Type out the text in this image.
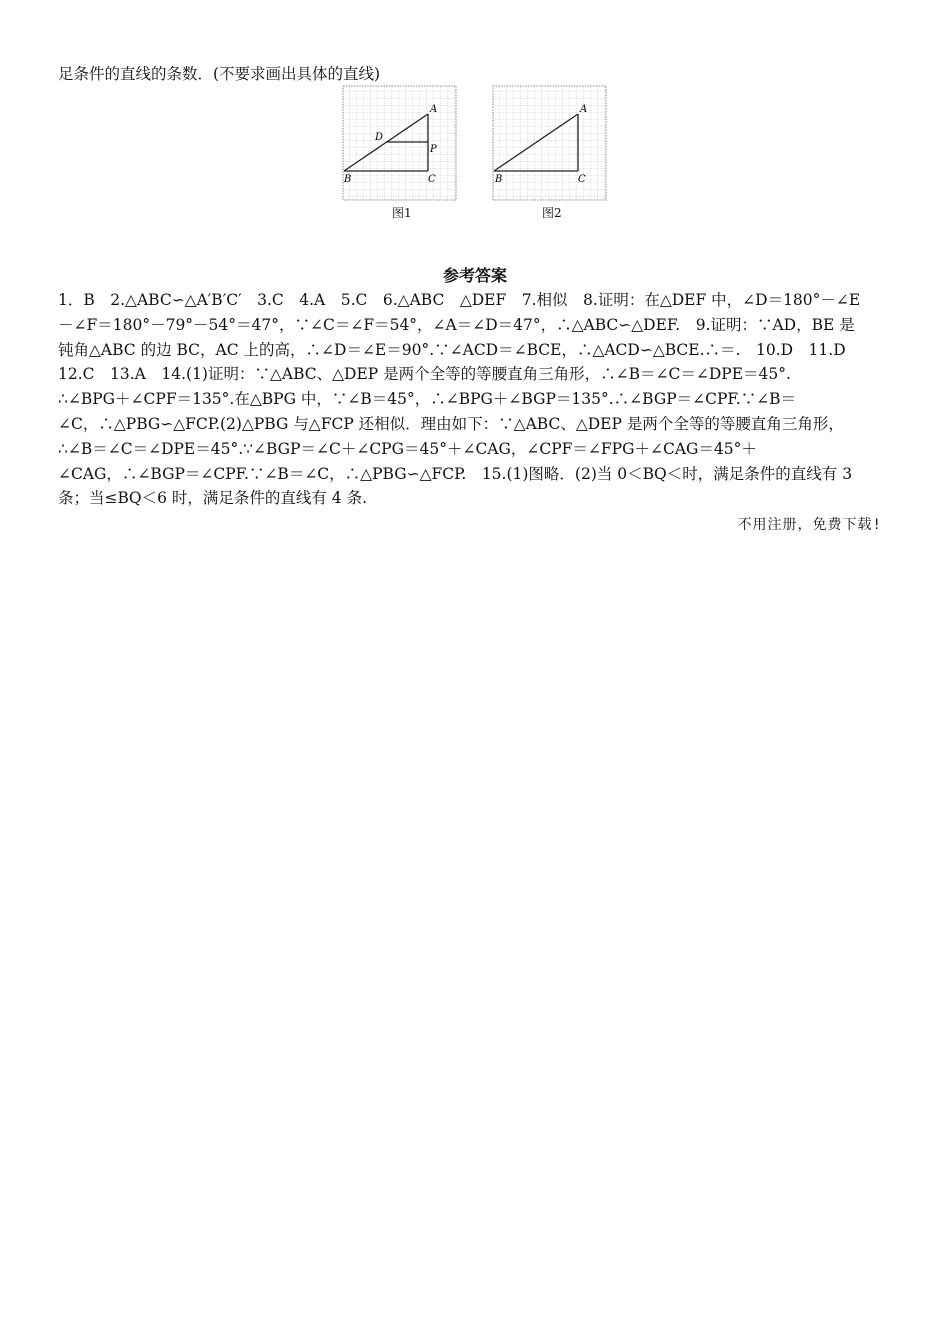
足条件的直线的条数．(不要求画出具体的直线)
A
B	C
D
P
图1
A
B	C
图2
参考答案
1．B　2.△ABC∽△A′B′C′　3.C　4.A　5.C　6.△ABC　△DEF　7.相似　8.证明：在△DEF 中，∠D＝180°－∠E
－∠F＝180°－79°－54°＝47°，∵∠C＝∠F＝54°，∠A＝∠D＝47°，∴△ABC∽△DEF.　9.证明：∵AD，BE 是
钝角△ABC 的边 BC，AC 上的高，∴∠D＝∠E＝90°.∵∠ACD＝∠BCE，∴△ACD∽△BCE.∴＝.　10.D　11.D
12.C　13.A　14.(1)证明：∵△ABC、△DEP 是两个全等的等腰直角三角形，∴∠B＝∠C＝∠DPE＝45°.
∴∠BPG＋∠CPF＝135°.在△BPG 中，∵∠B＝45°，∴∠BPG＋∠BGP＝135°.∴∠BGP＝∠CPF.∵∠B＝
∠C，∴△PBG∽△FCP.(2)△PBG 与△FCP 还相似．理由如下：∵△ABC、△DEP 是两个全等的等腰直角三角形，
∴∠B＝∠C＝∠DPE＝45°.∵∠BGP＝∠C＋∠CPG＝45°＋∠CAG，∠CPF＝∠FPG＋∠CAG＝45°＋
∠CAG，∴∠BGP＝∠CPF.∵∠B＝∠C，∴△PBG∽△FCP.　15.(1)图略．(2)当 0＜BQ＜时，满足条件的直线有 3
条；当≤BQ＜6 时，满足条件的直线有 4 条.
不用注册，免费下载!
